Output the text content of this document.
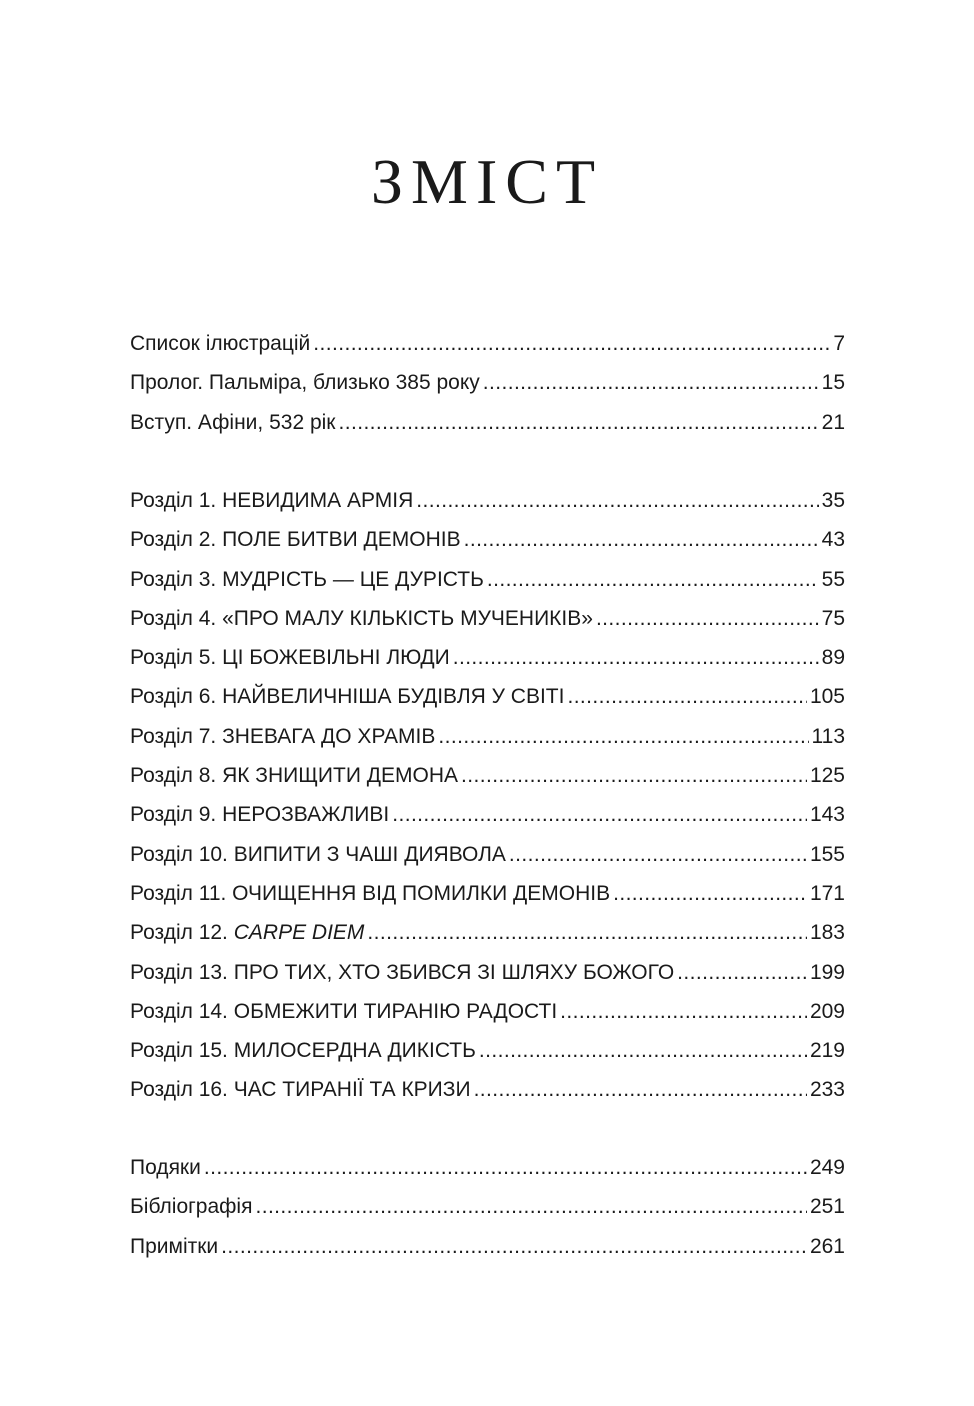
ЗМІСТ
Список ілюстрацій .....	7
Пролог. Пальміра, близько 385 року .....	15
Вступ. Афіни, 532 рік .....	21
Розділ 1. НЕВИДИМА АРМІЯ .....	35
Розділ 2. ПОЛЕ БИТВИ ДЕМОНІВ .....	43
Розділ 3. МУДРІСТЬ — ЦЕ ДУРІСТЬ .....	55
Розділ 4. «ПРО МАЛУ КІЛЬКІСТЬ МУЧЕНИКІВ» .....	75
Розділ 5. ЦІ БОЖЕВІЛЬНІ ЛЮДИ .....	89
Розділ 6. НАЙВЕЛИЧНІША БУДІВЛЯ У СВІТІ .....	105
Розділ 7. ЗНЕВАГА ДО ХРАМІВ .....	113
Розділ 8. ЯК ЗНИЩИТИ ДЕМОНА .....	125
Розділ 9. НЕРОЗВАЖЛИВІ .....	143
Розділ 10. ВИПИТИ З ЧАШІ ДИЯВОЛА .....	155
Розділ 11. ОЧИЩЕННЯ ВІД ПОМИЛКИ ДЕМОНІВ .....	171
Розділ 12. CARPE DIEM .....	183
Розділ 13. ПРО ТИХ, ХТО ЗБИВСЯ ЗІ ШЛЯХУ БОЖОГО .....	199
Розділ 14. ОБМЕЖИТИ ТИРАНІЮ РАДОСТІ .....	209
Розділ 15. МИЛОСЕРДНА ДИКІСТЬ .....	219
Розділ 16. ЧАС ТИРАНІЇ ТА КРИЗИ .....	233
Подяки .....	249
Бібліографія .....	251
Примітки .....	261
